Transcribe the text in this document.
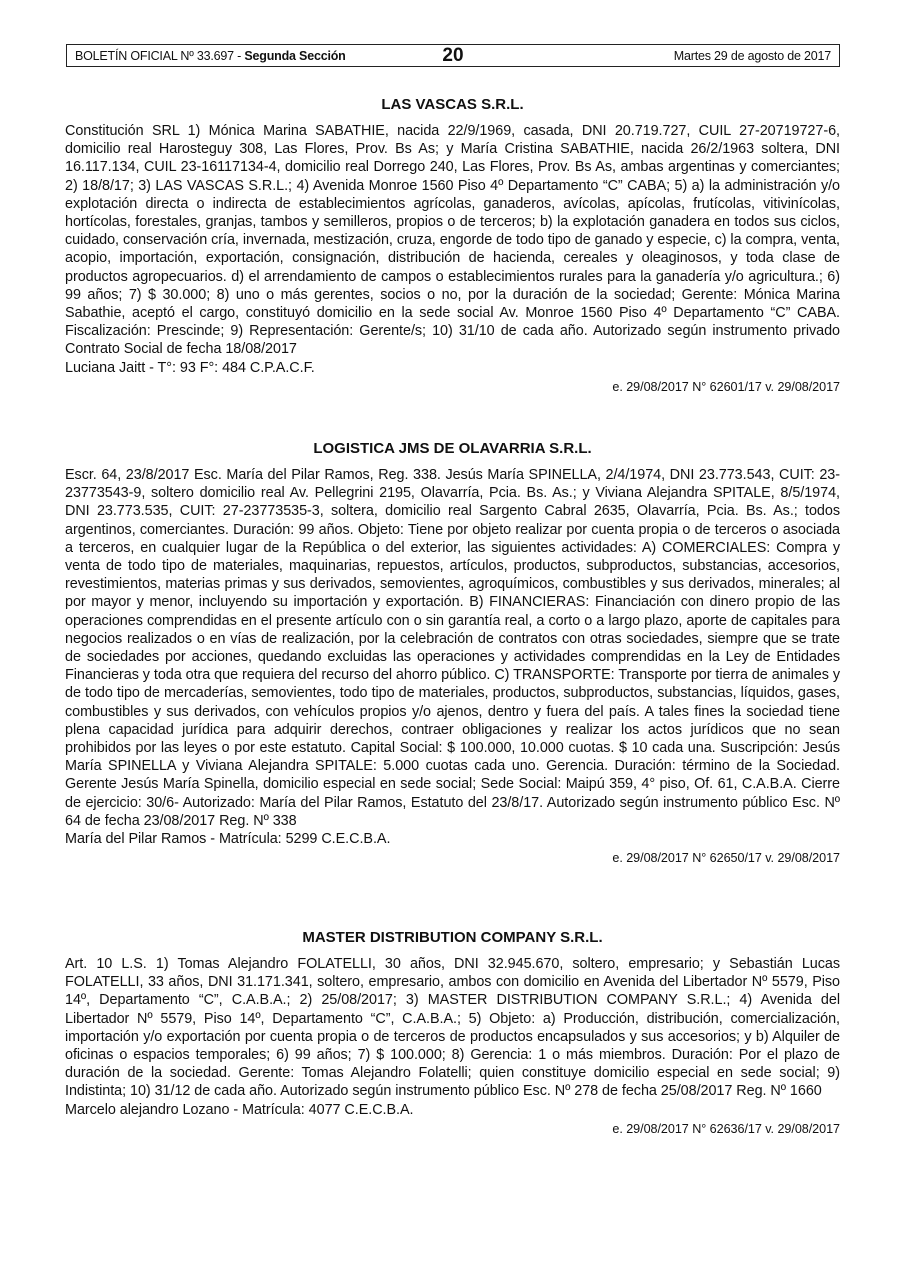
BOLETÍN OFICIAL Nº 33.697 - Segunda Sección	20	Martes 29 de agosto de 2017
LAS VASCAS S.R.L.

Constitución SRL 1) Mónica Marina SABATHIE, nacida 22/9/1969, casada, DNI 20.719.727, CUIL 27-20719727-6, domicilio real Harosteguy 308, Las Flores, Prov. Bs As; y María Cristina SABATHIE, nacida 26/2/1963 soltera, DNI 16.117.134, CUIL 23-16117134-4, domicilio real Dorrego 240, Las Flores, Prov. Bs As, ambas argentinas y comerciantes; 2) 18/8/17; 3) LAS VASCAS S.R.L.; 4) Avenida Monroe 1560 Piso 4º Departamento “C” CABA; 5) a) la administración y/o explotación directa o indirecta de establecimientos agrícolas, ganaderos, avícolas, apícolas, frutícolas, vitivinícolas, hortícolas, forestales, granjas, tambos y semilleros, propios o de terceros; b) la explotación ganadera en todos sus ciclos, cuidado, conservación cría, invernada, mestización, cruza, engorde de todo tipo de ganado y especie, c) la compra, venta, acopio, importación, exportación, consignación, distribución de hacienda, cereales y oleaginosos, y toda clase de productos agropecuarios. d) el arrendamiento de campos o establecimientos rurales para la ganadería y/o agricultura.; 6) 99 años; 7) $ 30.000; 8) uno o más gerentes, socios o no, por la duración de la sociedad; Gerente: Mónica Marina Sabathie, aceptó el cargo, constituyó domicilio en la sede social Av. Monroe 1560 Piso 4º Departamento “C” CABA. Fiscalización: Prescinde; 9) Representación: Gerente/s; 10) 31/10 de cada año. Autorizado según instrumento privado Contrato Social de fecha 18/08/2017

Luciana Jaitt - T°: 93 F°: 484 C.P.A.C.F.

e. 29/08/2017 N° 62601/17 v. 29/08/2017

LOGISTICA JMS DE OLAVARRIA S.R.L.

Escr. 64, 23/8/2017 Esc. María del Pilar Ramos, Reg. 338. Jesús María SPINELLA, 2/4/1974, DNI 23.773.543, CUIT: 23-23773543-9, soltero domicilio real Av. Pellegrini 2195, Olavarría, Pcia. Bs. As.; y Viviana Alejandra SPITALE, 8/5/1974, DNI 23.773.535, CUIT: 27-23773535-3, soltera, domicilio real Sargento Cabral 2635, Olavarría, Pcia. Bs. As.; todos argentinos, comerciantes. Duración: 99 años. Objeto: Tiene por objeto realizar por cuenta propia o de terceros o asociada a terceros, en cualquier lugar de la República o del exterior, las siguientes actividades: A) COMERCIALES: Compra y venta de todo tipo de materiales, maquinarias, repuestos, artículos, productos, subproductos, substancias, accesorios, revestimientos, materias primas y sus derivados, semovientes, agroquímicos, combustibles y sus derivados, minerales; al por mayor y menor, incluyendo su importación y exportación. B) FINANCIERAS: Financiación con dinero propio de las operaciones comprendidas en el presente artículo con o sin garantía real, a corto o a largo plazo, aporte de capitales para negocios realizados o en vías de realización, por la celebración de contratos con otras sociedades, siempre que se trate de sociedades por acciones, quedando excluidas las operaciones y actividades comprendidas en la Ley de Entidades Financieras y toda otra que requiera del recurso del ahorro público. C) TRANSPORTE: Transporte por tierra de animales y de todo tipo de mercaderías, semovientes, todo tipo de materiales, productos, subproductos, substancias, líquidos, gases, combustibles y sus derivados, con vehículos propios y/o ajenos, dentro y fuera del país. A tales fines la sociedad tiene plena capacidad jurídica para adquirir derechos, contraer obligaciones y realizar los actos jurídicos que no sean prohibidos por las leyes o por este estatuto. Capital Social: $ 100.000, 10.000 cuotas. $ 10 cada una. Suscripción: Jesús María SPINELLA y Viviana Alejandra SPITALE: 5.000 cuotas cada uno. Gerencia. Duración: término de la Sociedad. Gerente Jesús María Spinella, domicilio especial en sede social; Sede Social: Maipú 359, 4° piso, Of. 61, C.A.B.A. Cierre de ejercicio: 30/6- Autorizado: María del Pilar Ramos, Estatuto del 23/8/17. Autorizado según instrumento público Esc. Nº 64 de fecha 23/08/2017 Reg. Nº 338

María del Pilar Ramos - Matrícula: 5299 C.E.C.B.A.

e. 29/08/2017 N° 62650/17 v. 29/08/2017

MASTER DISTRIBUTION COMPANY S.R.L.

Art. 10 L.S. 1) Tomas Alejandro FOLATELLI, 30 años, DNI 32.945.670, soltero, empresario; y Sebastián Lucas FOLATELLI, 33 años, DNI 31.171.341, soltero, empresario, ambos con domicilio en Avenida del Libertador Nº 5579, Piso 14º, Departamento “C”, C.A.B.A.; 2) 25/08/2017; 3) MASTER DISTRIBUTION COMPANY S.R.L.; 4) Avenida del Libertador Nº 5579, Piso 14º, Departamento “C”, C.A.B.A.; 5) Objeto: a) Producción, distribución, comercialización, importación y/o exportación por cuenta propia o de terceros de productos encapsulados y sus accesorios; y b) Alquiler de oficinas o espacios temporales; 6) 99 años; 7) $ 100.000; 8) Gerencia: 1 o más miembros. Duración: Por el plazo de duración de la sociedad. Gerente: Tomas Alejandro Folatelli; quien constituye domicilio especial en sede social; 9) Indistinta; 10) 31/12 de cada año. Autorizado según instrumento público Esc. Nº 278 de fecha 25/08/2017 Reg. Nº 1660

Marcelo alejandro Lozano - Matrícula: 4077 C.E.C.B.A.

e. 29/08/2017 N° 62636/17 v. 29/08/2017
